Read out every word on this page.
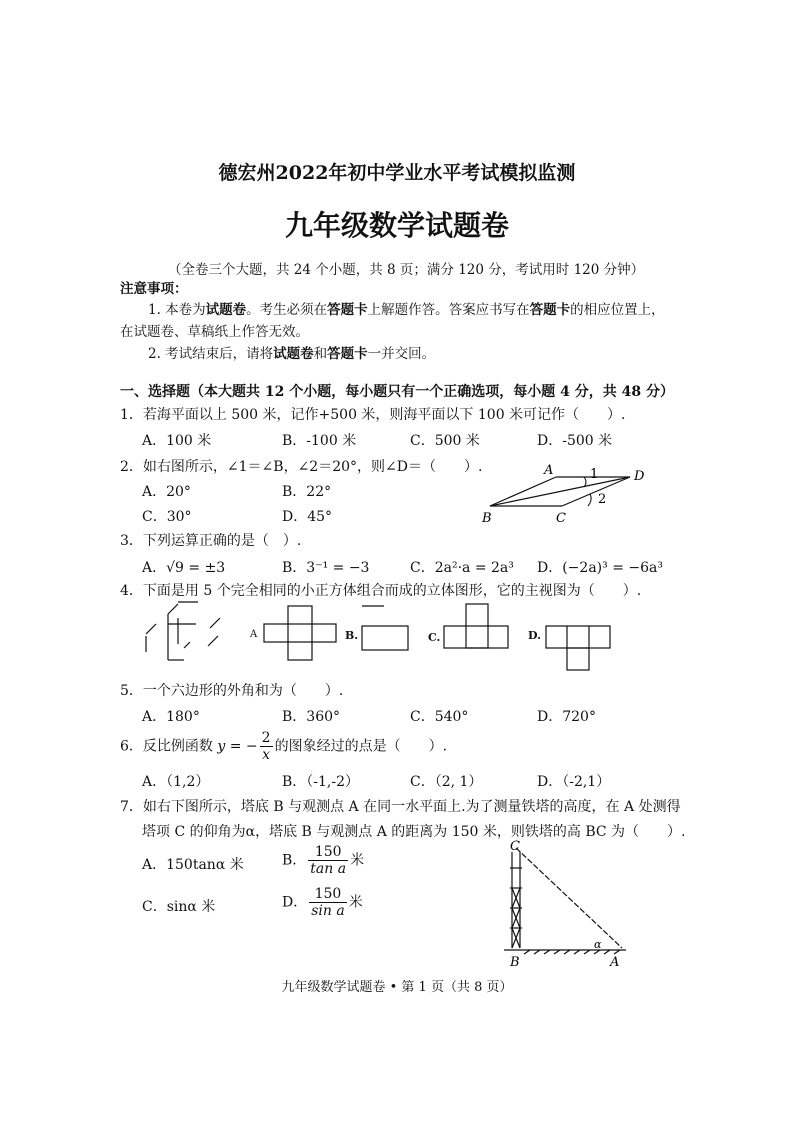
德宏州2022年初中学业水平考试模拟监测
九年级数学试题卷
（全卷三个大题，共 24 个小题，共 8 页；满分 120 分，考试用时 120 分钟）
注意事项：
1. 本卷为试题卷。考生必须在答题卡上解题作答。答案应书写在答题卡的相应位置上，
在试题卷、草稿纸上作答无效。
2. 考试结束后，请将试题卷和答题卡一并交回。
一、选择题（本大题共 12 个小题，每小题只有一个正确选项，每小题 4 分，共 48 分）
1．若海平面以上 500 米，记作+500 米，则海平面以下 100 米可记作（　　）.
A．100 米	B．-100 米	C．500 米	D．-500 米
2．如右图所示，∠1＝∠B，∠2＝20°，则∠D＝（　　）.
A．20°	B．22°
C．30°	D．45°
A	D
B	C
1
2
3．下列运算正确的是（　）.
A．√9 = ±3	B．3⁻¹ = −3	C．2a²·a = 2a³ D．(−2a)³ = −6a³
4．下面是用 5 个完全相同的小正方体组合而成的立体图形，它的主视图为（　　）.
A	B.	C.	D.
5．一个六边形的外角和为（　　）.
A．180°	B．360°	C．540°	D．720°
6．反比例函数 y = − $\frac{2}{x}$ 的图象经过的点是（　　）.
A．（1,2）	B．（-1,-2）	C．（2, 1）	D．（-2,1）
7．如右下图所示，塔底 B 与观测点 A 在同一水平面上.为了测量铁塔的高度，在 A 处测得
塔项 C 的仰角为α，塔底 B 与观测点 A 的距离为 150 米，则铁塔的高 BC 为（　　）.
A．150tanα 米	B． $\frac{150}{\text{tan a}}$ 米
C．sinα 米	D． $\frac{150}{\text{sin a}}$ 米
C
B	A
α
九年级数学试题卷 • 第 1 页（共 8 页）
